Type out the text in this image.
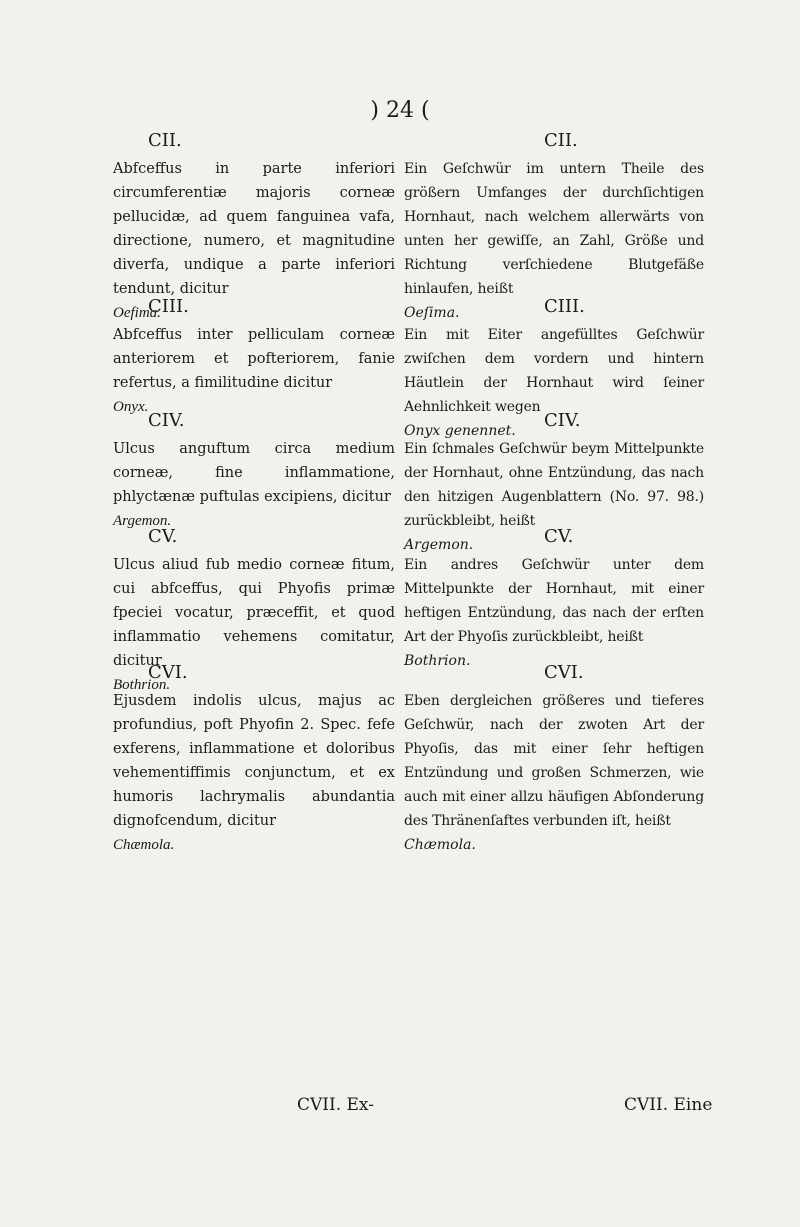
) 24 (
CII.
Abfceffus in parte inferiori circumferentiæ majoris corneæ pellucidæ, ad quem fanguinea vafa, directione, numero, et magnitudine diverfa, undique a parte inferiori tendunt, dicitur
Oefima.
CIII.
Abfceffus inter pelliculam corneæ anteriorem et pofteriorem, fanie refertus, a fimilitudine dicitur
Onyx.
CIV.
Ulcus anguftum circa medium corneæ, fine inflammatione, phlyctænæ puftulas excipiens, dicitur
Argemon.
CV.
Ulcus aliud fub medio corneæ fitum, cui abfceffus, qui Phyofis primæ fpeciei vocatur, præceffit, et quod inflammatio vehemens comitatur, dicitur
Bothrion.
CVI.
Ejusdem indolis ulcus, majus ac profundius, poft Phyofin 2. Spec. fefe exferens, inflammatione et doloribus vehementiffimis conjunctum, et ex humoris lachrymalis abundantia dignofcendum, dicitur
Chæmola.
CII.
Ein Geſchwür im untern Theile des größern Umfanges der durchſichtigen Hornhaut, nach welchem allerwärts von unten her gewiſſe, an Zahl, Größe und Richtung verſchiedene Blutgefäße hinlaufen, heißt
Oeſima.	CIII.
Ein mit Eiter angefülltes Geſchwür zwiſchen dem vordern und hintern Häutlein der Hornhaut wird ſeiner Aehnlichkeit wegen
Onyx genennet.	CIV.
Ein ſchmales Geſchwür beym Mittelpunkte der Hornhaut, ohne Entzündung, das nach den hitzigen Augenblattern (No. 97. 98.) zurückbleibt, heißt
Argemon.	CV.
Ein andres Geſchwür unter dem Mittelpunkte der Hornhaut, mit einer heftigen Entzündung, das nach der erſten Art der Phyoſis zurückbleibt, heißt
Bothrion.
CVI.
Eben dergleichen größeres und tieferes Geſchwür, nach der zwoten Art der Phyoſis, das mit einer ſehr heftigen Entzündung und großen Schmerzen, wie auch mit einer allzu häufigen Abſonderung des Thränenſaftes verbunden iſt, heißt
Chæmola.
CVII. Ex-	CVII. Eine
